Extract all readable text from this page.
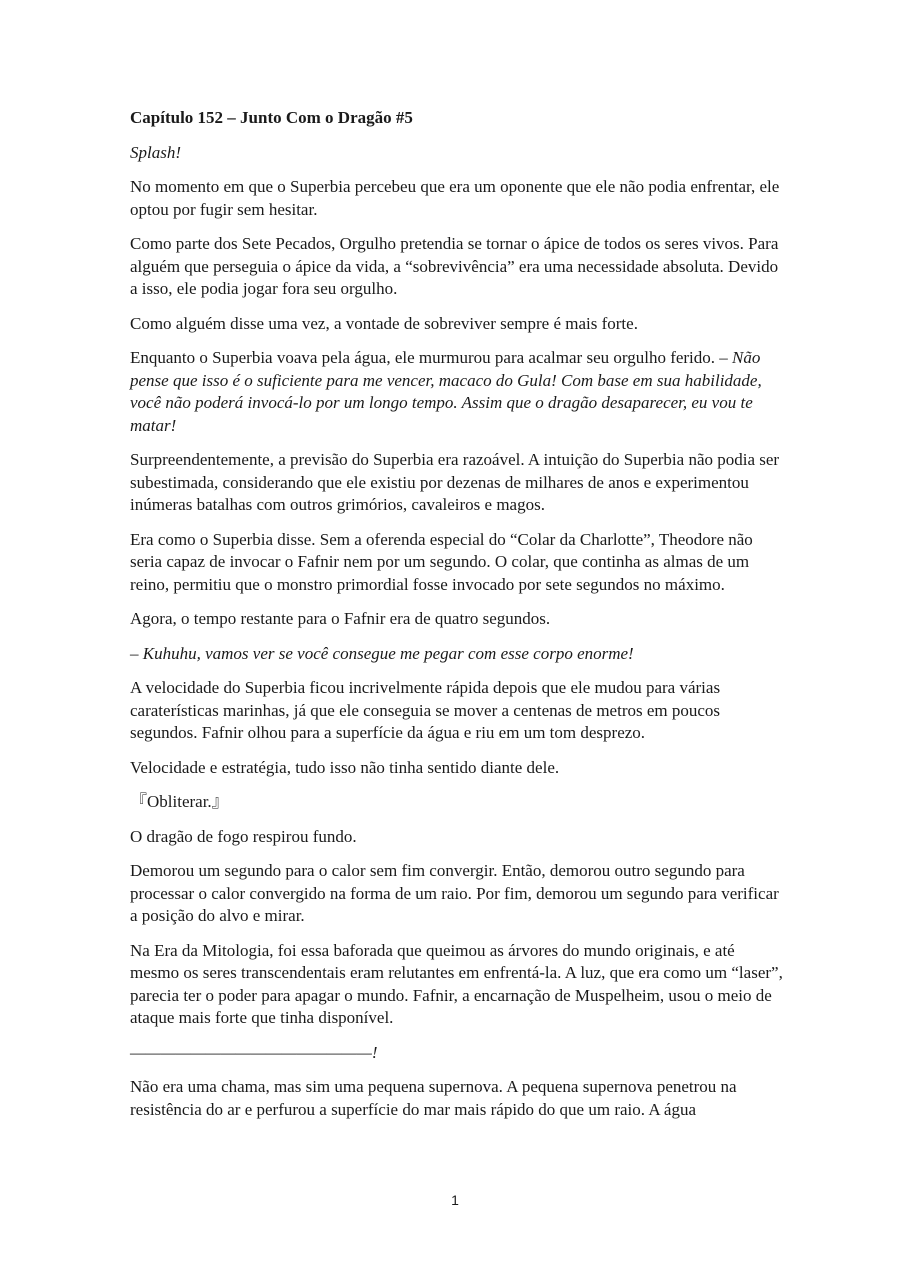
Capítulo 152 – Junto Com o Dragão #5

Splash!

No momento em que o Superbia percebeu que era um oponente que ele não podia enfrentar, ele optou por fugir sem hesitar.

Como parte dos Sete Pecados, Orgulho pretendia se tornar o ápice de todos os seres vivos. Para alguém que perseguia o ápice da vida, a “sobrevivência” era uma necessidade absoluta. Devido a isso, ele podia jogar fora seu orgulho.

Como alguém disse uma vez, a vontade de sobreviver sempre é mais forte.

Enquanto o Superbia voava pela água, ele murmurou para acalmar seu orgulho ferido. – Não pense que isso é o suficiente para me vencer, macaco do Gula! Com base em sua habilidade, você não poderá invocá-lo por um longo tempo. Assim que o dragão desaparecer, eu vou te matar!

Surpreendentemente, a previsão do Superbia era razoável. A intuição do Superbia não podia ser subestimada, considerando que ele existiu por dezenas de milhares de anos e experimentou inúmeras batalhas com outros grimórios, cavaleiros e magos.

Era como o Superbia disse. Sem a oferenda especial do “Colar da Charlotte”, Theodore não seria capaz de invocar o Fafnir nem por um segundo. O colar, que continha as almas de um reino, permitiu que o monstro primordial fosse invocado por sete segundos no máximo.

Agora, o tempo restante para o Fafnir era de quatro segundos.

– Kuhuhu, vamos ver se você consegue me pegar com esse corpo enorme!

A velocidade do Superbia ficou incrivelmente rápida depois que ele mudou para várias caraterísticas marinhas, já que ele conseguia se mover a centenas de metros em poucos segundos. Fafnir olhou para a superfície da água e riu em um tom desprezo.

Velocidade e estratégia, tudo isso não tinha sentido diante dele.

『Obliterar.』

O dragão de fogo respirou fundo.

Demorou um segundo para o calor sem fim convergir. Então, demorou outro segundo para processar o calor convergido na forma de um raio. Por fim, demorou um segundo para verificar a posição do alvo e mirar.

Na Era da Mitologia, foi essa baforada que queimou as árvores do mundo originais, e até mesmo os seres transcendentais eram relutantes em enfrentá-la. A luz, que era como um “laser”, parecia ter o poder para apagar o mundo. Fafnir, a encarnação de Muspelheim, usou o meio de ataque mais forte que tinha disponível.

————————————————!

Não era uma chama, mas sim uma pequena supernova. A pequena supernova penetrou na resistência do ar e perfurou a superfície do mar mais rápido do que um raio. A água

1
